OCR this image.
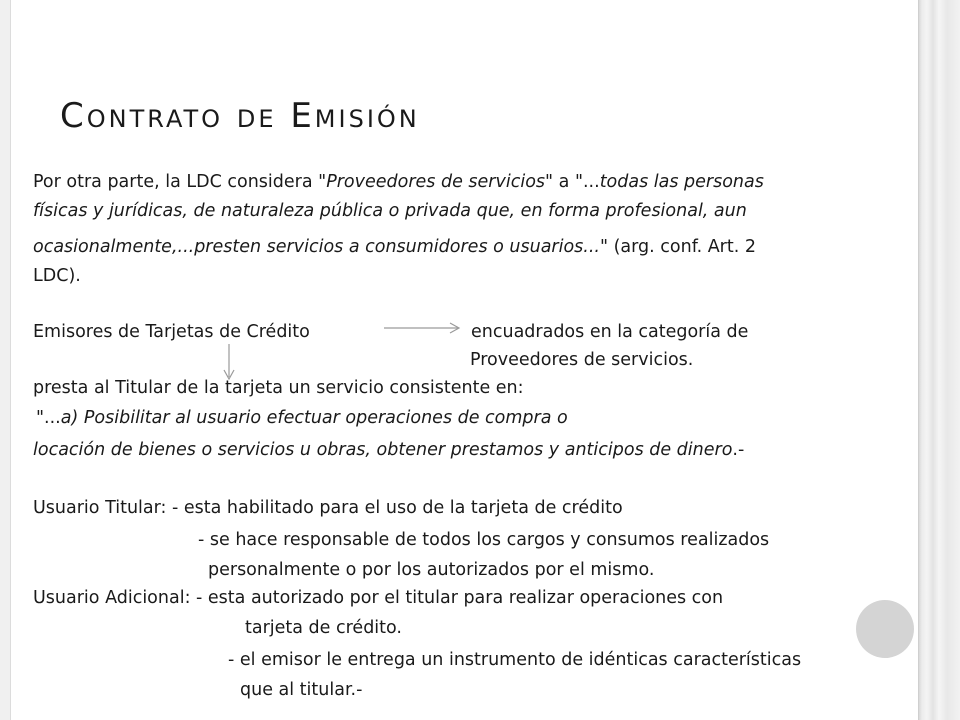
Contrato de Emisión
Por otra parte, la LDC considera "Proveedores de servicios" a "...todas las personas
físicas y jurídicas, de naturaleza pública o privada que, en forma profesional, aun
ocasionalmente,...presten servicios a consumidores o usuarios..." (arg. conf. Art. 2
LDC).
Emisores de Tarjetas de Crédito	encuadrados en la categoría de
Proveedores de servicios.
presta al Titular de la tarjeta un servicio consistente en:
"...a) Posibilitar al usuario efectuar operaciones de compra o
locación de bienes o servicios u obras, obtener prestamos y anticipos de dinero.-
Usuario Titular: - esta habilitado para el uso de la tarjeta de crédito
- se hace responsable de todos los cargos y consumos realizados
personalmente o por los autorizados por el mismo.
Usuario Adicional: - esta autorizado por el titular para realizar operaciones con
tarjeta de crédito.
- el emisor le entrega un instrumento de idénticas características
que al titular.-
